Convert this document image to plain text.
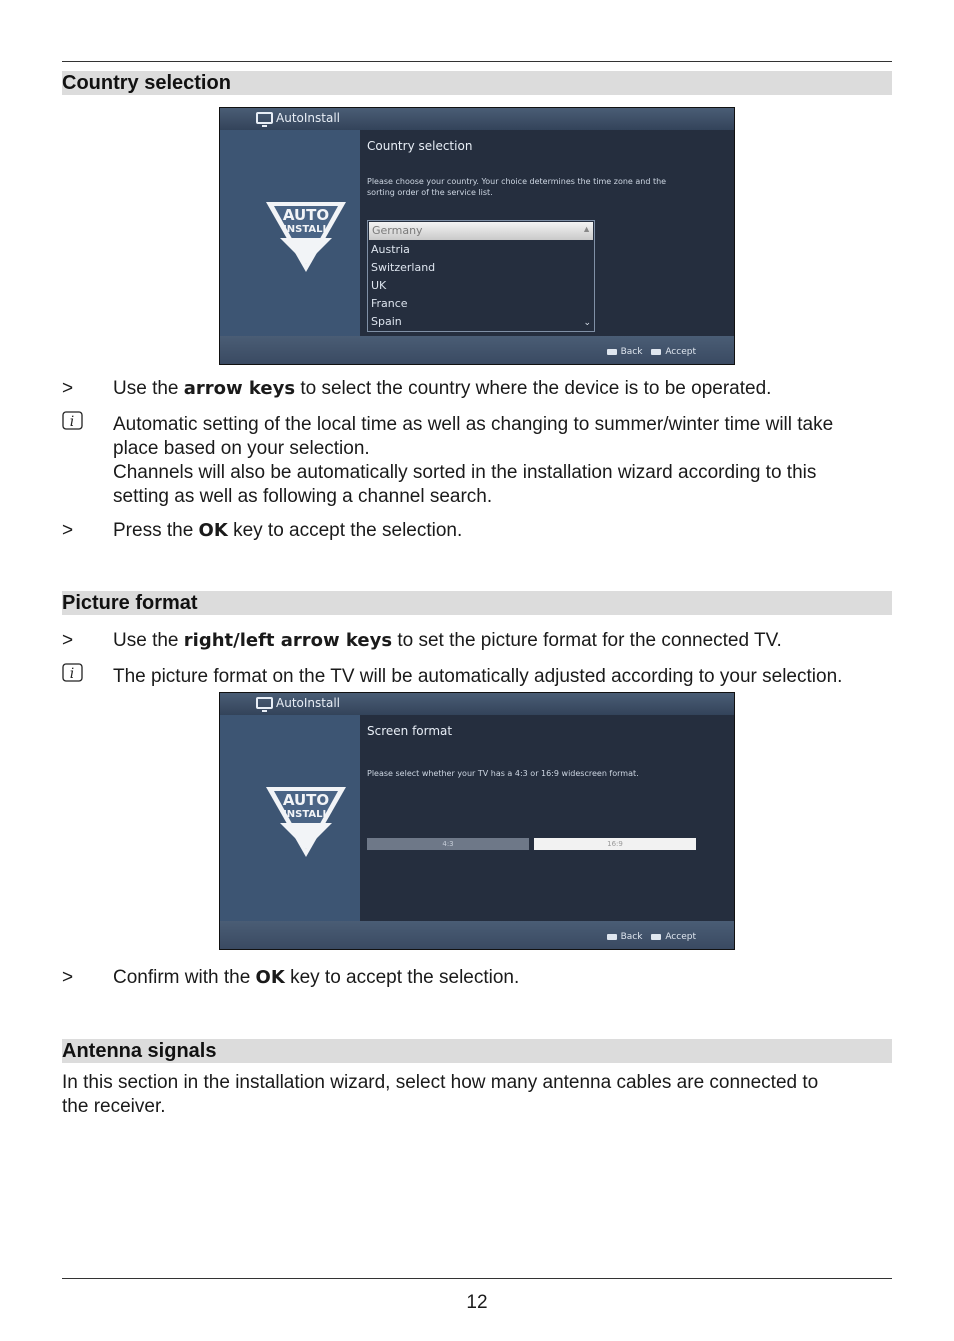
Country selection
AutoInstall
AUTO
INSTALL
Country selection
Please choose your country. Your choice determines the time zone and the sorting order of the service list.
Germany
Austria
Switzerland
UK
France
Spain
▲
⌄
Back	Accept
> Use the arrow keys to select the country where the device is to be operated.
i Automatic setting of the local time as well as changing to summer/winter time will take
place based on your selection.
Channels will also be automatically sorted in the installation wizard according to this
setting as well as following a channel search.
> Press the OK key to accept the selection.
Picture format
> Use the right/left arrow keys to set the picture format for the connected TV.
i The picture format on the TV will be automatically adjusted according to your selection.
AutoInstall
AUTO
INSTALL
Screen format
Please select whether your TV has a 4:3 or 16:9 widescreen format.
4:3	16:9
Back	Accept
> Confirm with the OK key to accept the selection.
Antenna signals
In this section in the installation wizard, select how many antenna cables are connected to
the receiver.
12
